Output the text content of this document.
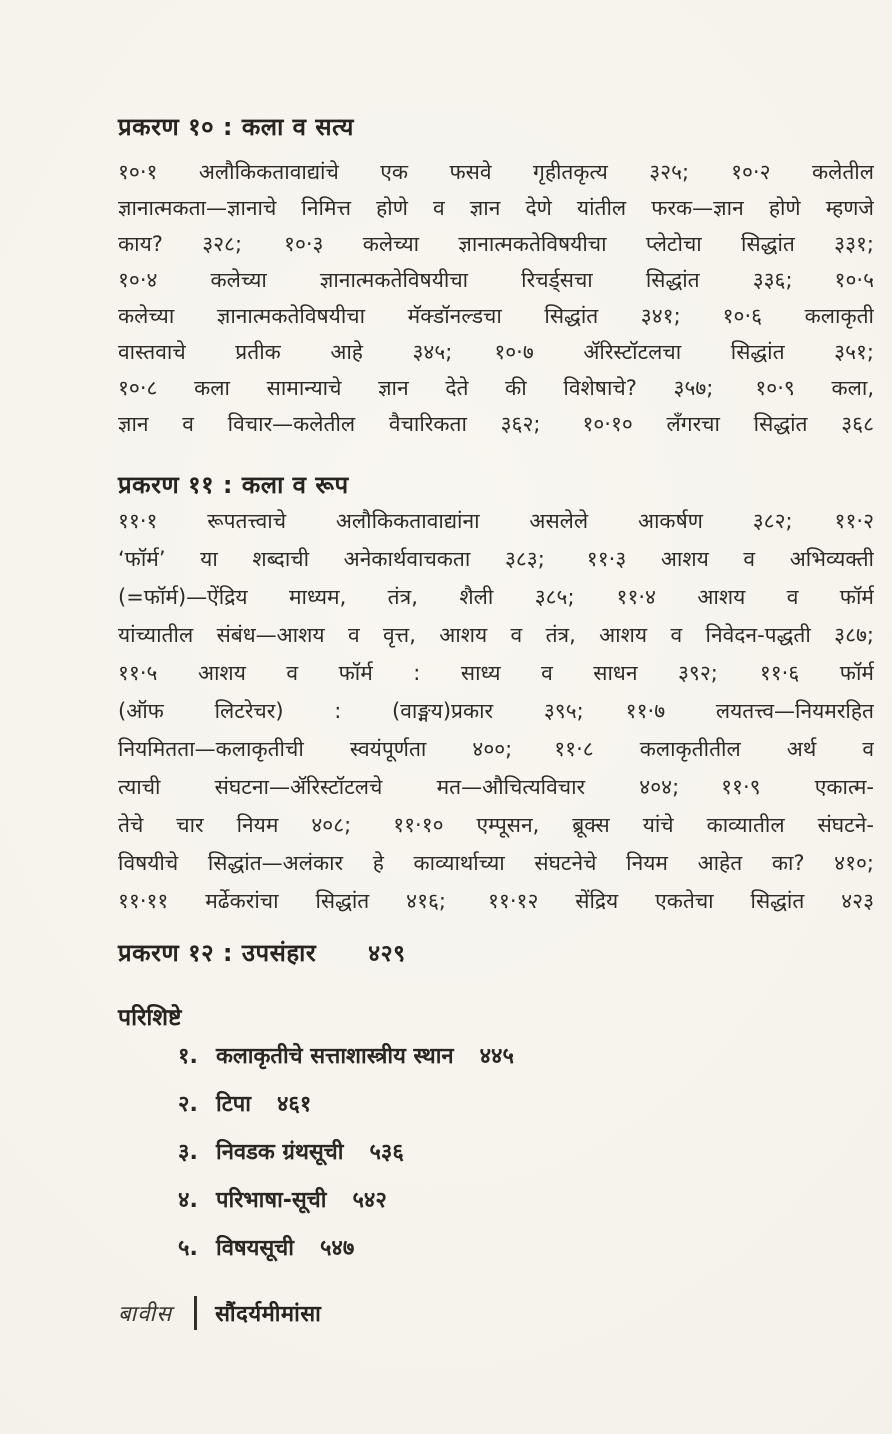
प्रकरण १० : कला व सत्य
१०·१ अलौकिकतावाद्यांचे एक फसवे गृहीतकृत्य ३२५;  १०·२ कलेतील
ज्ञानात्मकता—ज्ञानाचे निमित्त होणे व ज्ञान देणे यांतील फरक—ज्ञान होणे म्हणजे
काय? ३२८;  १०·३ कलेच्या ज्ञानात्मकतेविषयीचा प्लेटोचा सिद्धांत ३३१;
१०·४ कलेच्या ज्ञानात्मकतेविषयीचा रिचर्ड्सचा सिद्धांत ३३६;  १०·५
कलेच्या ज्ञानात्मकतेविषयीचा मॅक्डॉनल्डचा सिद्धांत ३४१;  १०·६ कलाकृती
वास्तवाचे प्रतीक आहे ३४५;  १०·७ ॲरिस्टॉटलचा सिद्धांत ३५१;
१०·८ कला सामान्याचे ज्ञान देते की विशेषाचे? ३५७;  १०·९ कला,
ज्ञान व विचार—कलेतील वैचारिकता ३६२;  १०·१० लँगरचा सिद्धांत ३६८
प्रकरण ११ : कला व रूप
११·१ रूपतत्त्वाचे अलौकिकतावाद्यांना असलेले आकर्षण ३८२;  ११·२
‘फॉर्म’ या शब्दाची अनेकार्थवाचकता ३८३;  ११·३ आशय व अभिव्यक्ती
(=फॉर्म)—ऐंद्रिय माध्यम, तंत्र, शैली ३८५;  ११·४ आशय व फॉर्म
यांच्यातील संबंध—आशय व वृत्त, आशय व तंत्र, आशय व निवेदन-पद्धती ३८७;
११·५ आशय व फॉर्म : साध्य व साधन ३९२;  ११·६ फॉर्म
(ऑफ लिटरेचर) : (वाङ्मय)प्रकार ३९५;  ११·७ लयतत्त्व—नियमरहित
नियमितता—कलाकृतीची स्वयंपूर्णता ४००;  ११·८ कलाकृतीतील अर्थ व
त्याची संघटना—ॲरिस्टॉटलचे मत—औचित्यविचार ४०४;  ११·९ एकात्म-
तेचे चार नियम ४०८;  ११·१० एम्पूसन, ब्रूक्स यांचे काव्यातील संघटने-
विषयीचे सिद्धांत—अलंकार हे काव्यार्थाच्या संघटनेचे नियम आहेत का? ४१०;
११·११ मर्ढेकरांचा सिद्धांत ४१६;  ११·१२ सेंद्रिय एकतेचा सिद्धांत ४२३
प्रकरण १२ : उपसंहार ४२९
परिशिष्टे
१. कलाकृतीचे सत्ताशास्त्रीय स्थान ४४५
२. टिपा ४६१
३. निवडक ग्रंथसूची ५३६
४. परिभाषा-सूची ५४२
५. विषयसूची ५४७
बावीस सौंदर्यमीमांसा
